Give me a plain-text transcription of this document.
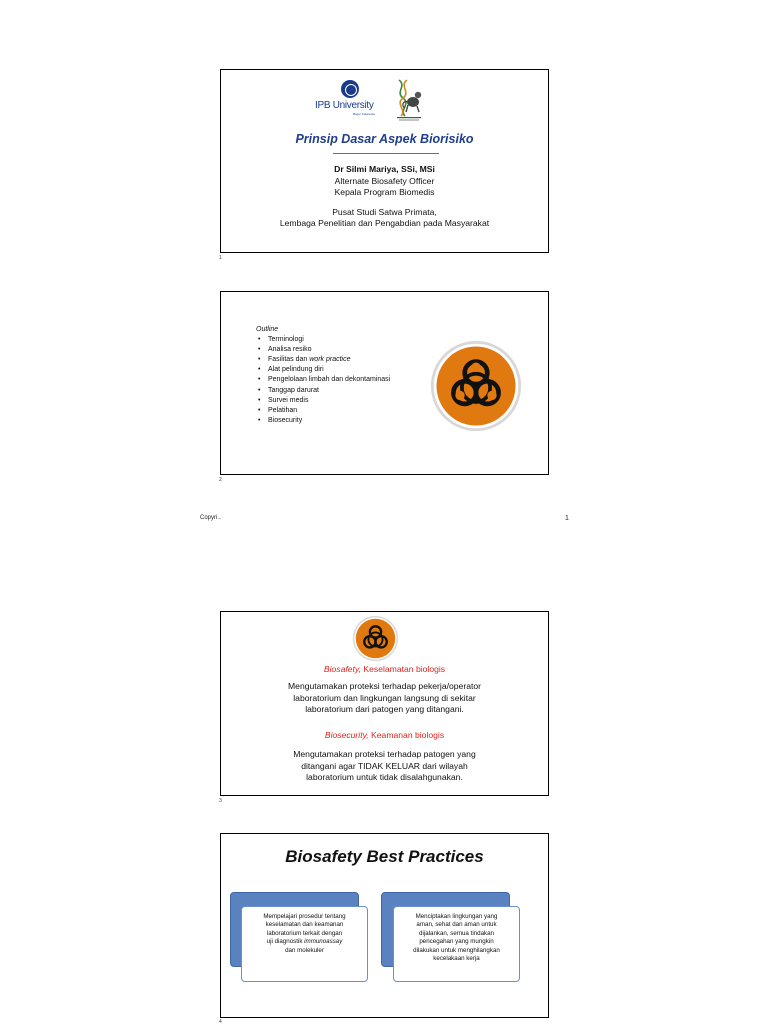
IPB University
Bogor Indonesia
Prinsip Dasar Aspek Biorisiko
Dr Silmi Mariya, SSi, MSi
Alternate Biosafety Officer
Kepala Program Biomedis
Pusat Studi Satwa Primata,
Lembaga Penelitian dan Pengabdian pada Masyarakat
1
Outline
• Terminologi
• Analisa resiko
• Fasilitas dan work practice
• Alat pelindung diri
• Pengelolaan limbah dan dekontaminasi
• Tanggap darurat
• Survei medis
• Pelatihan
• Biosecurity
2
Copyri...	1
Biosafety, Keselamatan biologis
Mengutamakan proteksi terhadap pekerja/operator
laboratorium dan lingkungan langsung di sekitar
laboratorium dari patogen yang ditangani.
Biosecurity, Keamanan biologis
Mengutamakan proteksi terhadap patogen yang
ditangani agar TIDAK KELUAR dari wilayah
laboratorium untuk tidak disalahgunakan.
3
Biosafety Best Practices
Mempelajari prosedur tentang
keselamatan dan keamanan
laboratorium terkait dengan
uji diagnostik immunoassay
dan molekuler
Menciptakan lingkungan yang
aman, sehat dan aman untuk
dijalankan, semua tindakan
pencegahan yang mungkin
dilakukan untuk menghilangkan
kecelakaan kerja
4
